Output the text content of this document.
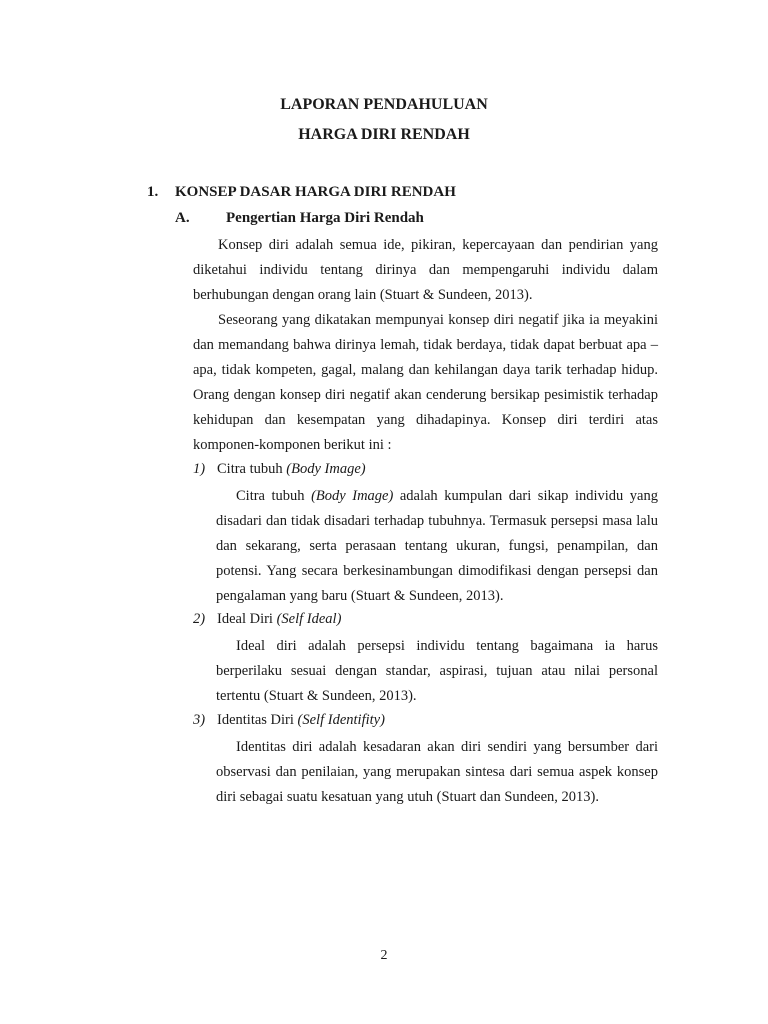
LAPORAN PENDAHULUAN
HARGA DIRI RENDAH
1. KONSEP DASAR HARGA DIRI RENDAH
A. Pengertian Harga Diri Rendah
Konsep diri adalah semua ide, pikiran, kepercayaan dan pendirian yang diketahui individu tentang dirinya dan mempengaruhi individu dalam berhubungan dengan orang lain (Stuart & Sundeen, 2013).
Seseorang yang dikatakan mempunyai konsep diri negatif jika ia meyakini dan memandang bahwa dirinya lemah, tidak berdaya, tidak dapat berbuat apa – apa, tidak kompeten, gagal, malang dan kehilangan daya tarik terhadap hidup. Orang dengan konsep diri negatif akan cenderung bersikap pesimistik terhadap kehidupan dan kesempatan yang dihadapinya. Konsep diri terdiri atas komponen-komponen berikut ini :
1) Citra tubuh (Body Image)
Citra tubuh (Body Image) adalah kumpulan dari sikap individu yang disadari dan tidak disadari terhadap tubuhnya. Termasuk persepsi masa lalu dan sekarang, serta perasaan tentang ukuran, fungsi, penampilan, dan potensi. Yang secara berkesinambungan dimodifikasi dengan persepsi dan pengalaman yang baru (Stuart & Sundeen, 2013).
2) Ideal Diri (Self Ideal)
Ideal diri adalah persepsi individu tentang bagaimana ia harus berperilaku sesuai dengan standar, aspirasi, tujuan atau nilai personal tertentu (Stuart & Sundeen, 2013).
3) Identitas Diri (Self Identifity)
Identitas diri adalah kesadaran akan diri sendiri yang bersumber dari observasi dan penilaian, yang merupakan sintesa dari semua aspek konsep diri sebagai suatu kesatuan yang utuh (Stuart dan Sundeen, 2013).
2
